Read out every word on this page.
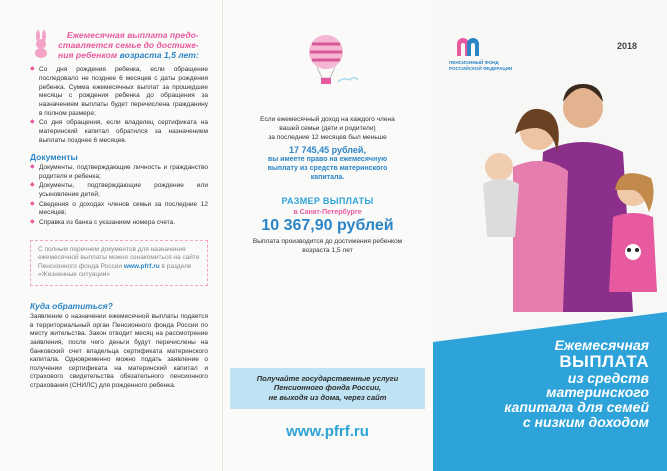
Ежемесячная выплата предо-
ставляется семье до достиже-
ния ребенком возраста 1,5 лет:
◆ Со дня рождения ребенка, если обращение последовало не позднее 6 месяцев с даты рождения ребенка. Сумма ежемесячных выплат за прошедшие месяцы с рождения ребенка до обращения за назначением выплаты будет перечислена гражданину в полном размере;
◆ Со дня обращения, если владелец сертификата на материнский капитал обратился за назначением выплаты позднее 6 месяцев.
Документы
◆ Документы, подтверждающие личность и гражданство родителя и ребенка;
◆ Документы, подтверждающие рождение или усыновление детей;
◆ Сведения о доходах членов семьи за последние 12 месяцев;
◆ Справка из банка с указанием номера счета.
С полным перечнем документов для назначения ежемесячной выплаты можно ознакомиться на сайте Пенсионного фонда России www.pfrf.ru в разделе «Жизненные ситуации»
Куда обратиться?
Заявление о назначении ежемесячной выплаты подается в территориальный орган Пенсионного фонда России по месту жительства. Закон отводит месяц на рассмотрение заявления, после чего деньги будут перечислены на банковский счет владельца сертификата материнского капитала. Одновременно можно подать заявление о получении сертификата на материнский капитал и страхового свидетельства обязательного пенсионного страхования (СНИЛС) для рожденного ребенка.
Если ежемесячный доход на каждого члена
вашей семьи (дети и родители)
за последние 12 месяцев был меньше
17 745,45 рублей,
вы имеете право на ежемесячную
выплату из средств материнского
капитала.
РАЗМЕР ВЫПЛАТЫ
в Санкт-Петербурге
10 367,90 рублей
Выплата производится до достижения ребенком
возраста 1,5 лет
Получайте государственные услуги
Пенсионного фонда России,
не выходя из дома, через сайт
www.pfrf.ru
ПЕНСИОННЫЙ ФОНД
РОССИЙСКОЙ ФЕДЕРАЦИИ
2018
Ежемесячная
ВЫПЛАТА
из средств
материнского
капитала для семей
с низким доходом
